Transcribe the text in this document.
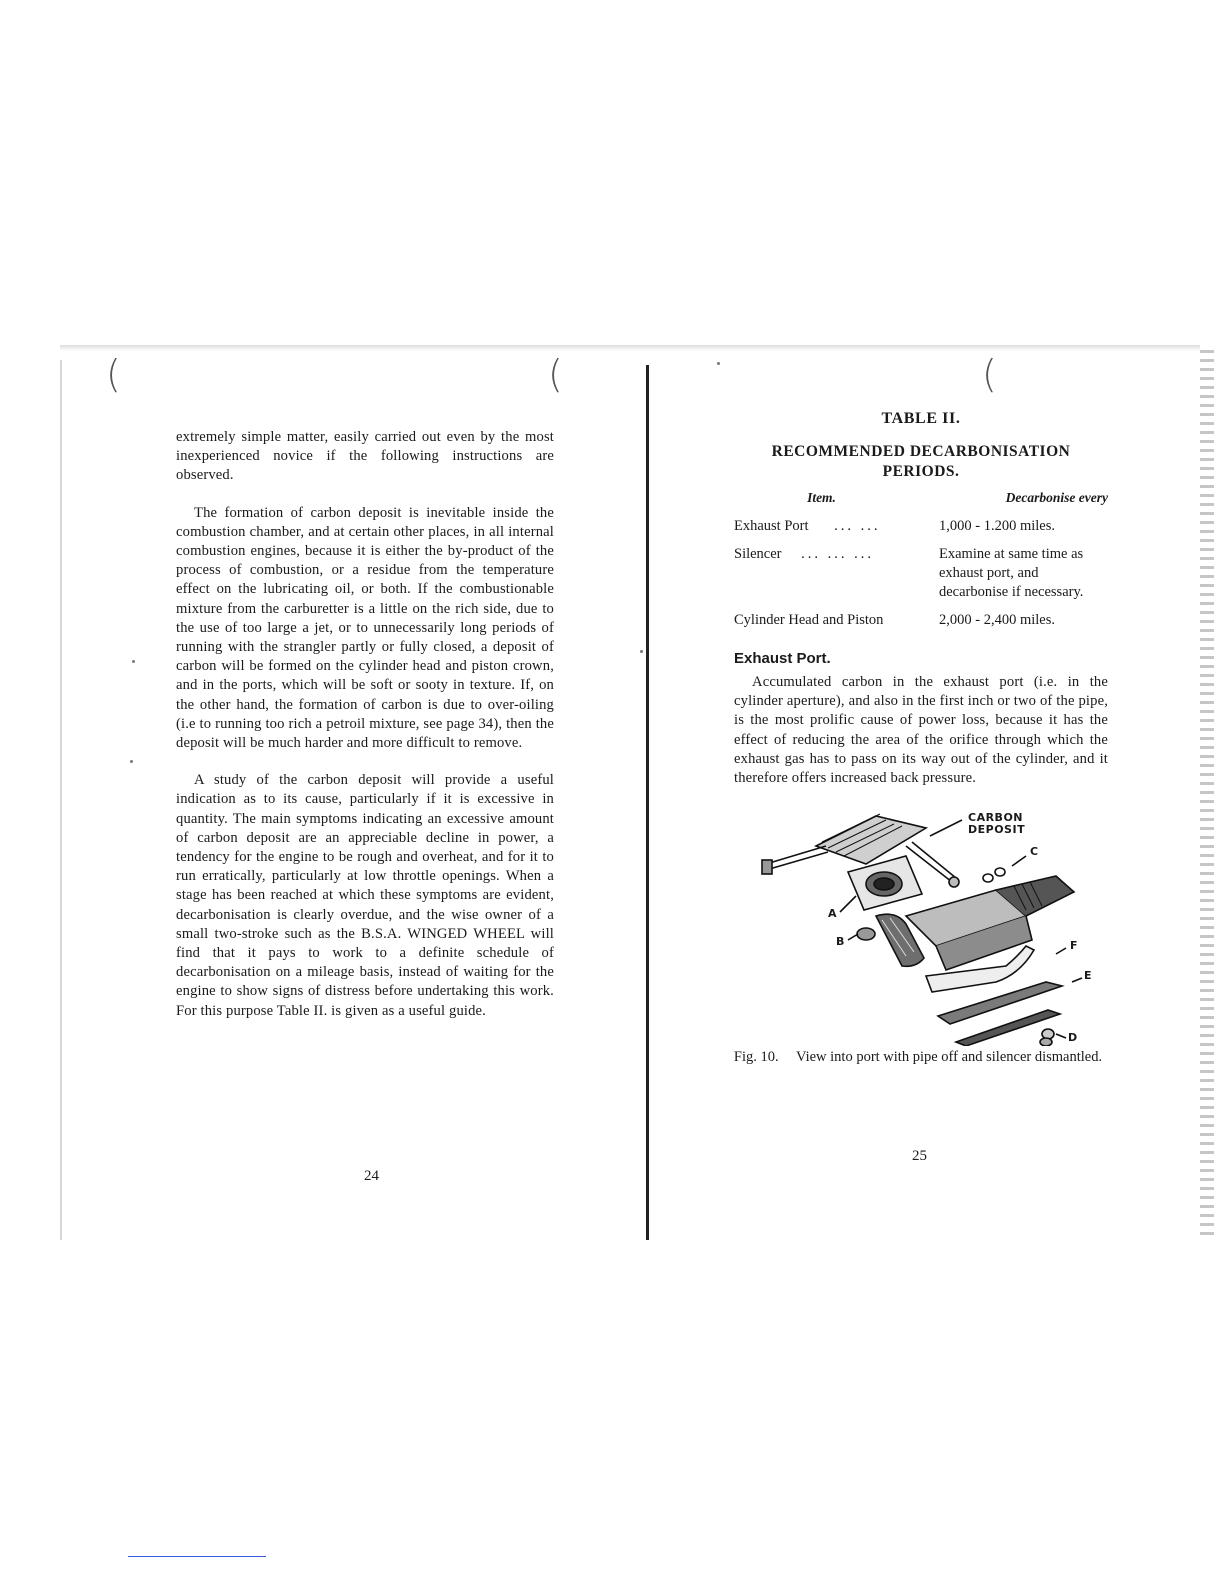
(	(	(

extremely simple matter, easily carried out even by the most inexperienced novice if the following instructions are observed.

The formation of carbon deposit is inevitable inside the combustion chamber, and at certain other places, in all internal combustion engines, because it is either the by-product of the process of combustion, or a residue from the temperature effect on the lubricating oil, or both. If the combustionable mixture from the carburetter is a little on the rich side, due to the use of too large a jet, or to unnecessarily long periods of running with the strangler partly or fully closed, a deposit of carbon will be formed on the cylinder head and piston crown, and in the ports, which will be soft or sooty in texture. If, on the other hand, the formation of carbon is due to over-oiling (i.e to running too rich a petroil mixture, see page 34), then the deposit will be much harder and more difficult to remove.

A study of the carbon deposit will provide a useful indication as to its cause, particularly if it is excessive in quantity. The main symptoms indicating an excessive amount of carbon deposit are an appreciable decline in power, a tendency for the engine to be rough and overheat, and for it to run erratically, particularly at low throttle openings. When a stage has been reached at which these symptoms are evident, decarbonisation is clearly overdue, and the wise owner of a small two-stroke such as the B.S.A. WINGED WHEEL will find that it pays to work to a definite schedule of decarbonisation on a mileage basis, instead of waiting for the engine to show signs of distress before undertaking this work. For this purpose Table II. is given as a useful guide.

24
TABLE II.
RECOMMENDED DECARBONISATION PERIODS.
Item.	Decarbonise every
Exhaust Port ... ...	1,000 - 1.200 miles.
Silencer ... ... ...	Examine at same time as exhaust port, and decarbonise if necessary.
Cylinder Head and Piston	2,000 - 2,400 miles.
Exhaust Port.

Accumulated carbon in the exhaust port (i.e. in the cylinder aperture), and also in the first inch or two of the pipe, is the most prolific cause of power loss, because it has the effect of reducing the area of the orifice through which the exhaust gas has to pass on its way out of the cylinder, and it therefore offers increased back pressure.

CARBON
DEPOSIT
A
B
C
F
E
D
Fig. 10. View into port with pipe off and silencer dismantled.
25
